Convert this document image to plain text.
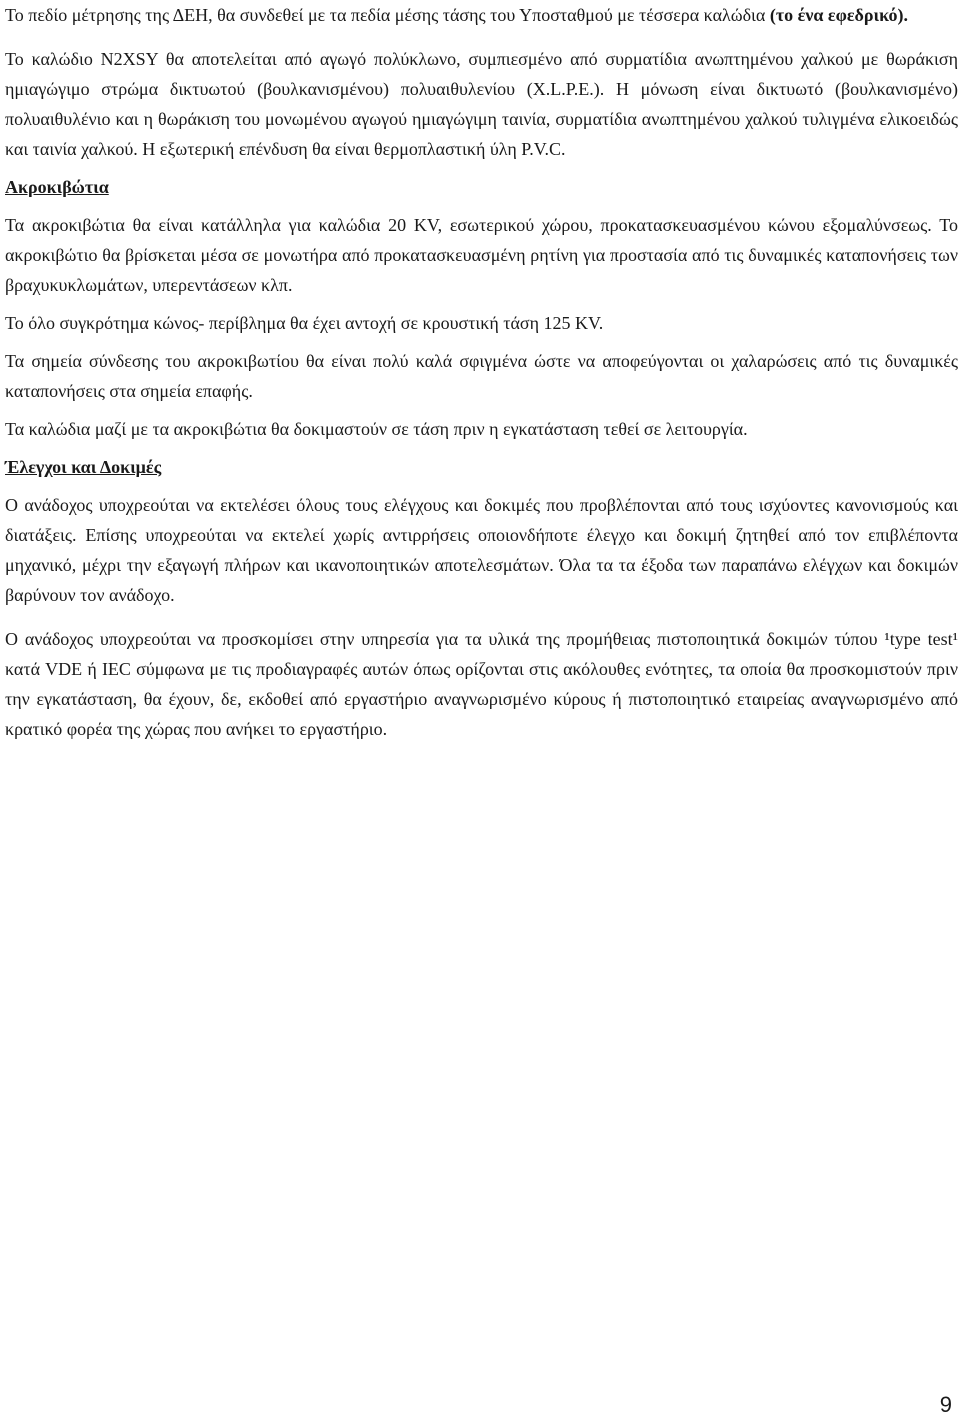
Το πεδίο μέτρησης της ΔΕΗ, θα συνδεθεί με τα πεδία μέσης τάσης του Υποσταθμού με τέσσερα καλώδια (το ένα εφεδρικό).

Το καλώδιο N2XSY θα αποτελείται από αγωγό πολύκλωνο, συμπιεσμένο από συρματίδια ανωπτημένου χαλκού με θωράκιση ημιαγώγιμο στρώμα δικτυωτού (βουλκανισμένου) πολυαιθυλενίου (X.L.P.E.). Η μόνωση είναι δικτυωτό (βουλκανισμένο) πολυαιθυλένιο και η θωράκιση του μονωμένου αγωγού ημιαγώγιμη ταινία, συρματίδια ανωπτημένου χαλκού τυλιγμένα ελικοειδώς και ταινία χαλκού. Η εξωτερική επένδυση θα είναι θερμοπλαστική ύλη P.V.C.

Ακροκιβώτια

Τα ακροκιβώτια θα είναι κατάλληλα για καλώδια 20 KV, εσωτερικού χώρου, προκατασκευασμένου κώνου εξομαλύνσεως. Το ακροκιβώτιο θα βρίσκεται μέσα σε μονωτήρα από προκατασκευασμένη ρητίνη για προστασία από τις δυναμικές καταπονήσεις των βραχυκυκλωμάτων, υπερεντάσεων κλπ.

Το όλο συγκρότημα κώνος- περίβλημα θα έχει αντοχή σε κρουστική τάση 125 KV.

Τα σημεία σύνδεσης του ακροκιβωτίου θα είναι πολύ καλά σφιγμένα ώστε να αποφεύγονται οι χαλαρώσεις από τις δυναμικές καταπονήσεις στα σημεία επαφής.

Τα καλώδια μαζί με τα ακροκιβώτια θα δοκιμαστούν σε τάση πριν η εγκατάσταση τεθεί σε λειτουργία.

Έλεγχοι και Δοκιμές

Ο ανάδοχος υποχρεούται να εκτελέσει όλους τους ελέγχους και δοκιμές που προβλέπονται από τους ισχύοντες κανονισμούς και διατάξεις. Επίσης υποχρεούται να εκτελεί χωρίς αντιρρήσεις οποιονδήποτε έλεγχο και δοκιμή ζητηθεί από τον επιβλέποντα μηχανικό, μέχρι την εξαγωγή πλήρων και ικανοποιητικών αποτελεσμάτων. Όλα τα τα έξοδα των παραπάνω ελέγχων και δοκιμών βαρύνουν τον ανάδοχο.

Ο ανάδοχος υποχρεούται να προσκομίσει στην υπηρεσία για τα υλικά της προμήθειας πιστοποιητικά δοκιμών τύπου ¹type test¹ κατά VDE ή IEC σύμφωνα με τις προδιαγραφές αυτών όπως ορίζονται στις ακόλουθες ενότητες, τα οποία θα προσκομιστούν πριν την εγκατάσταση, θα έχουν, δε, εκδοθεί από εργαστήριο αναγνωρισμένο κύρους ή πιστοποιητικό εταιρείας αναγνωρισμένο από κρατικό φορέα της χώρας που ανήκει το εργαστήριο.

9
